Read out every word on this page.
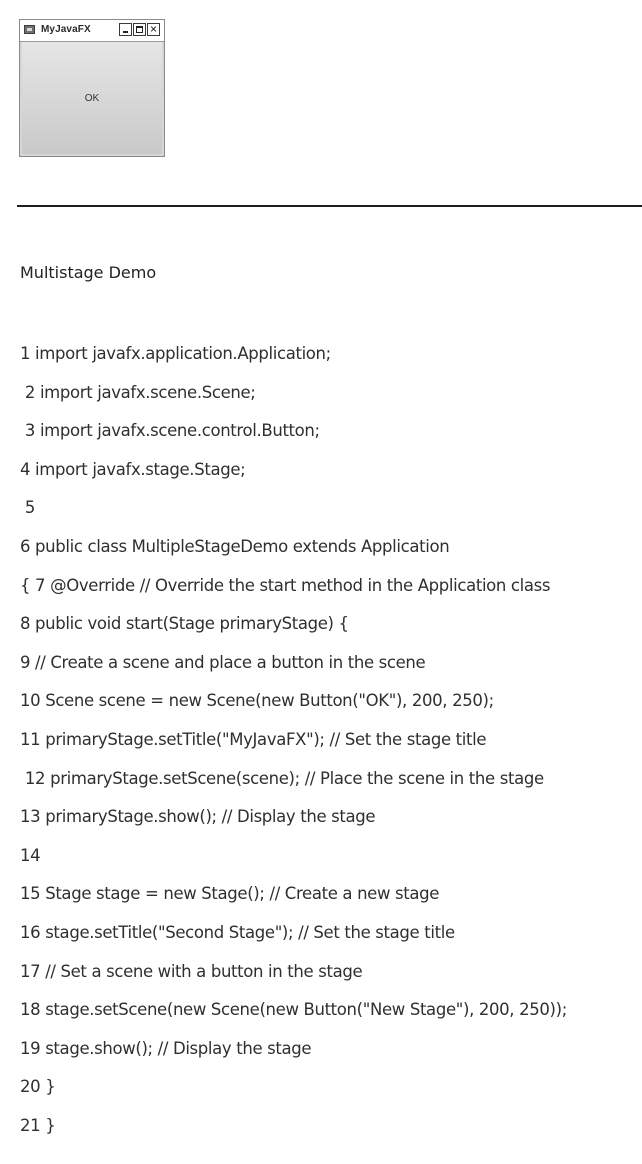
MyJavaFX	×
OK
Multistage Demo
1 import javafx.application.Application;
2 import javafx.scene.Scene;
3 import javafx.scene.control.Button;
4 import javafx.stage.Stage;
5
6 public class MultipleStageDemo extends Application
{ 7 @Override // Override the start method in the Application class
8 public void start(Stage primaryStage) {
9 // Create a scene and place a button in the scene
10 Scene scene = new Scene(new Button("OK"), 200, 250);
11 primaryStage.setTitle("MyJavaFX"); // Set the stage title
12 primaryStage.setScene(scene); // Place the scene in the stage
13 primaryStage.show(); // Display the stage
14
15 Stage stage = new Stage(); // Create a new stage
16 stage.setTitle("Second Stage"); // Set the stage title
17 // Set a scene with a button in the stage
18 stage.setScene(new Scene(new Button("New Stage"), 200, 250));
19 stage.show(); // Display the stage
20 }
21 }
